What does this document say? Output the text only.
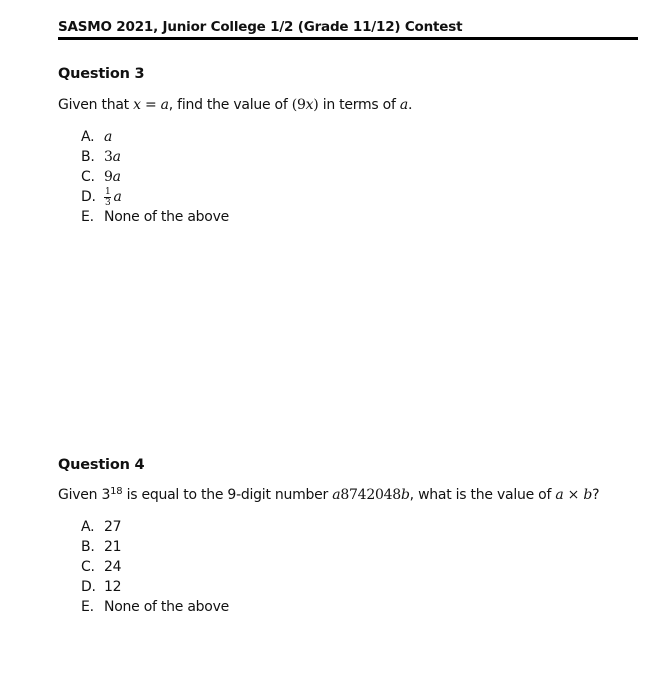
SASMO 2021, Junior College 1/2 (Grade 11/12) Contest
Question 3
Given that x = a, find the value of (9x) in terms of a.
A. a
B. 3a
C. 9a
D. $\frac{1}{3}$ a
E. None of the above
Question 4
Given $3^{18}$ is equal to the 9-digit number a8742048b, what is the value of a × b?
A. 27
B. 21
C. 24
D. 12
E. None of the above
